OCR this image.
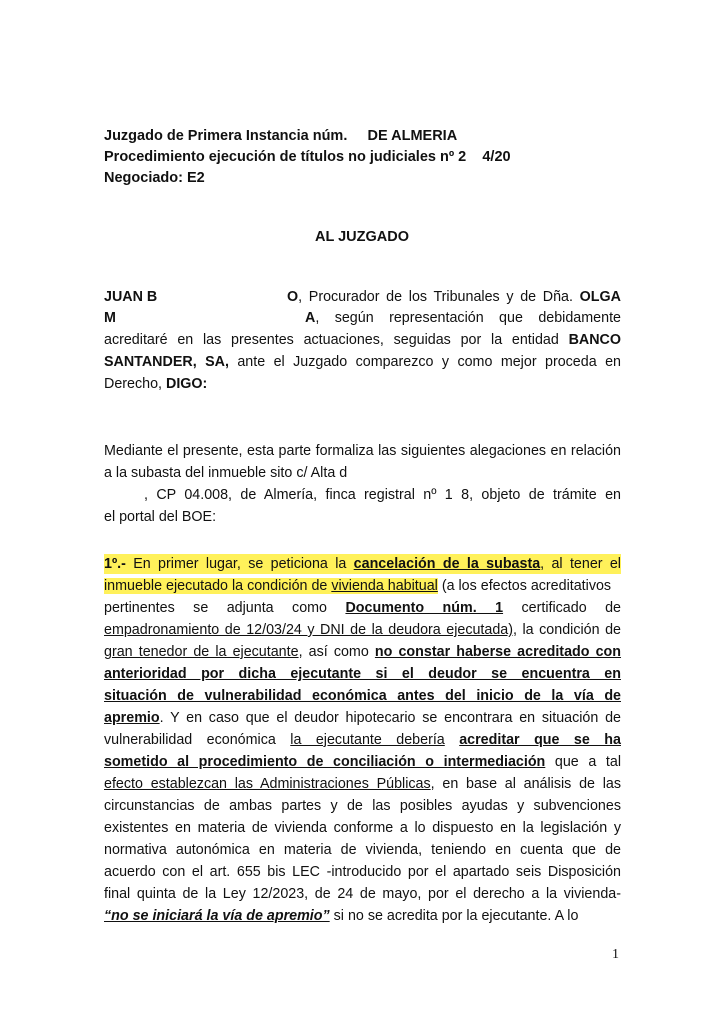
Juzgado de Primera Instancia núm. DE ALMERIA
Procedimiento ejecución de títulos no judiciales nº 2 4/20
Negociado: E2
AL JUZGADO
JUAN B	O, Procurador de los Tribunales y de Dña. OLGA
M	A, según representación que debidamente
acreditaré en las presentes actuaciones, seguidas por la entidad BANCO
SANTANDER, SA, ante el Juzgado comparezco y como mejor proceda en
Derecho, DIGO:
Mediante el presente, esta parte formaliza las siguientes alegaciones en relación
a la subasta del inmueble sito c/ Alta d
, CP 04.008, de Almería, finca registral nº 1 8, objeto de trámite en
el portal del BOE:
1º.- En primer lugar, se peticiona la cancelación de la subasta, al tener el
inmueble ejecutado la condición de vivienda habitual (a los efectos acreditativos
pertinentes se adjunta como Documento núm. 1 certificado de
empadronamiento de 12/03/24 y DNI de la deudora ejecutada), la condición de
gran tenedor de la ejecutante, así como no constar haberse acreditado con
anterioridad por dicha ejecutante si el deudor se encuentra en
situación de vulnerabilidad económica antes del inicio de la vía de
apremio. Y en caso que el deudor hipotecario se encontrara en situación de
vulnerabilidad económica la ejecutante debería acreditar que se ha
sometido al procedimiento de conciliación o intermediación que a tal
efecto establezcan las Administraciones Públicas, en base al análisis de las
circunstancias de ambas partes y de las posibles ayudas y subvenciones
existentes en materia de vivienda conforme a lo dispuesto en la legislación y
normativa autonómica en materia de vivienda, teniendo en cuenta que de
acuerdo con el art. 655 bis LEC -introducido por el apartado seis Disposición
final quinta de la Ley 12/2023, de 24 de mayo, por el derecho a la vivienda-
“no se iniciará la vía de apremio” si no se acredita por la ejecutante. A lo
1
